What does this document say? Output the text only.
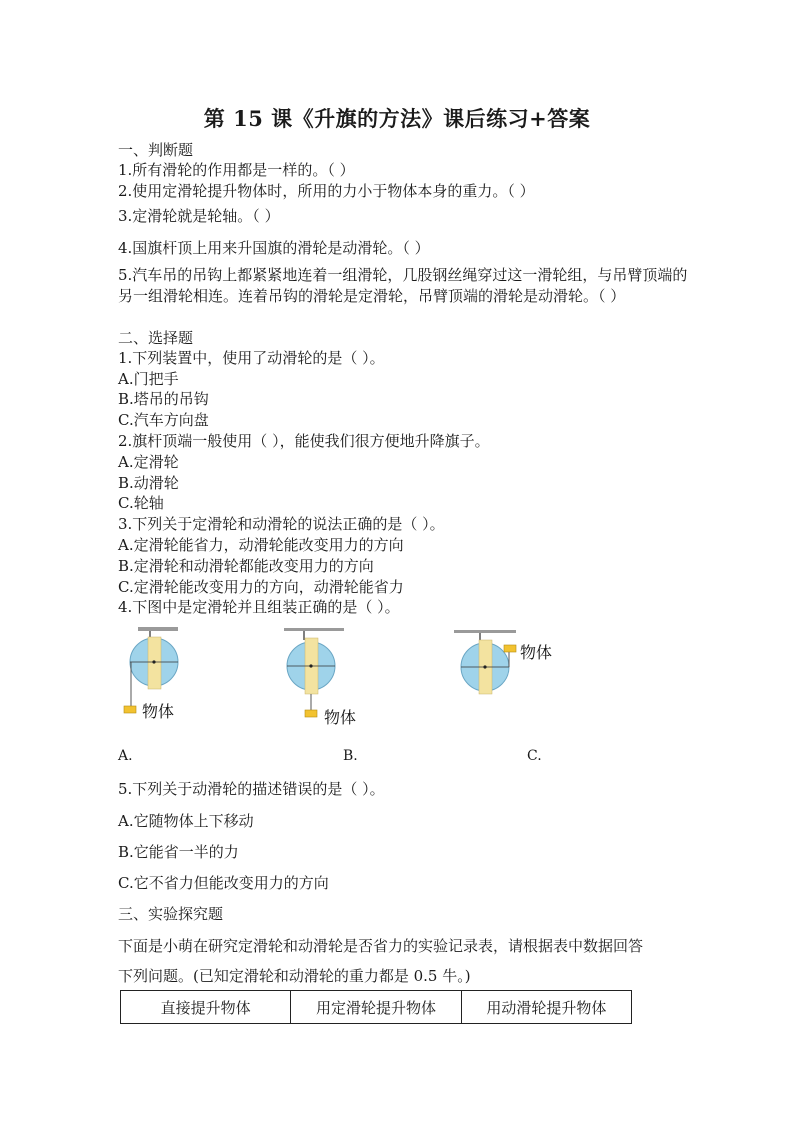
第 15 课《升旗的方法》课后练习+答案
一、判断题
1.所有滑轮的作用都是一样的。（ ）
2.使用定滑轮提升物体时，所用的力小于物体本身的重力。（ ）
3.定滑轮就是轮轴。（ ）
4.国旗杆顶上用来升国旗的滑轮是动滑轮。（ ）
5.汽车吊的吊钩上都紧紧地连着一组滑轮，几股钢丝绳穿过这一滑轮组，与吊臂顶端的另一组滑轮相连。连着吊钩的滑轮是定滑轮，吊臂顶端的滑轮是动滑轮。（ ）
二、选择题
1.下列装置中，使用了动滑轮的是（ ）。
A.门把手
B.塔吊的吊钩
C.汽车方向盘
2.旗杆顶端一般使用（ ），能使我们很方便地升降旗子。
A.定滑轮
B.动滑轮
C.轮轴
3.下列关于定滑轮和动滑轮的说法正确的是（ ）。
A.定滑轮能省力，动滑轮能改变用力的方向
B.定滑轮和动滑轮都能改变用力的方向
C.定滑轮能改变用力的方向，动滑轮能省力
4.下图中是定滑轮并且组装正确的是（ ）。
物体	物体
物体
A.	B.	C.
5.下列关于动滑轮的描述错误的是（ ）。
A.它随物体上下移动
B.它能省一半的力
C.它不省力但能改变用力的方向
三、实验探究题
下面是小萌在研究定滑轮和动滑轮是否省力的实验记录表，请根据表中数据回答
下列问题。(已知定滑轮和动滑轮的重力都是 0.5 牛。)
直接提升物体	用定滑轮提升物体	用动滑轮提升物体
